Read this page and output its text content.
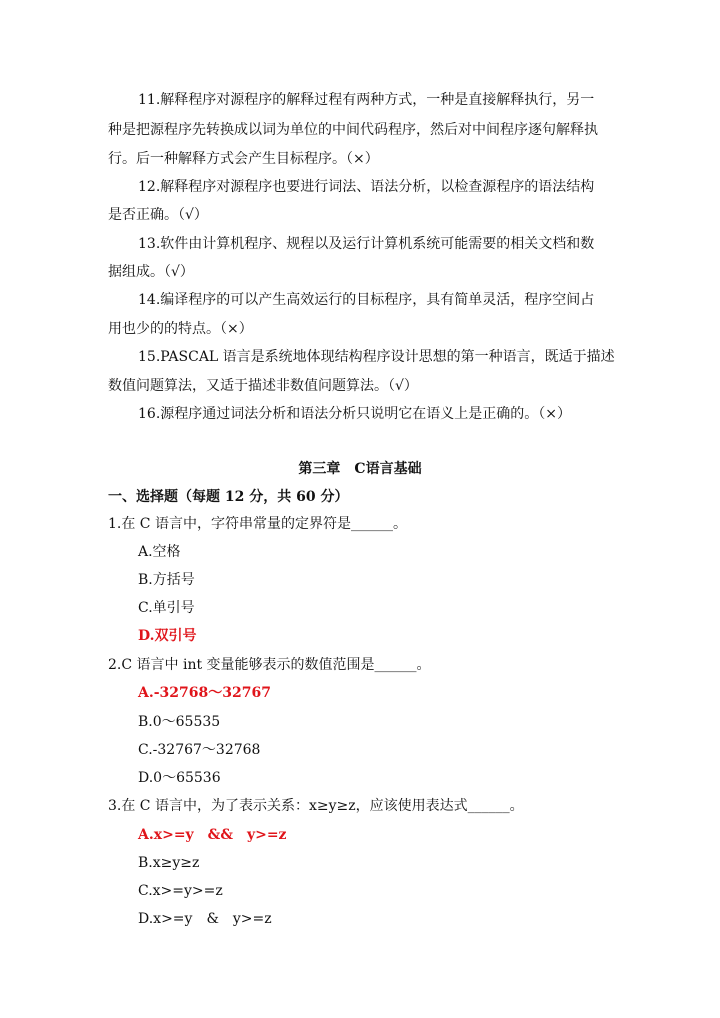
11.解释程序对源程序的解释过程有两种方式，一种是直接解释执行，另一
种是把源程序先转换成以词为单位的中间代码程序，然后对中间程序逐句解释执
行。后一种解释方式会产生目标程序。（×）
12.解释程序对源程序也要进行词法、语法分析，以检查源程序的语法结构
是否正确。（√）
13.软件由计算机程序、规程以及运行计算机系统可能需要的相关文档和数
据组成。（√）
14.编译程序的可以产生高效运行的目标程序，具有简单灵活，程序空间占
用也少的的特点。（×）
15.PASCAL 语言是系统地体现结构程序设计思想的第一种语言，既适于描述
数值问题算法，又适于描述非数值问题算法。（√）
16.源程序通过词法分析和语法分析只说明它在语义上是正确的。（×）
第三章　C语言基础
一、选择题（每题 12 分，共 60 分）
1.在 C 语言中，字符串常量的定界符是______。
A.空格
B.方括号
C.单引号
D.双引号
2.C 语言中 int 变量能够表示的数值范围是______。
A.-32768～32767
B.0～65535
C.-32767～32768
D.0～65536
3.在 C 语言中，为了表示关系：x≥y≥z，应该使用表达式______。
A.x>=y　&&　y>=z
B.x≥y≥z
C.x>=y>=z
D.x>=y　&　y>=z
